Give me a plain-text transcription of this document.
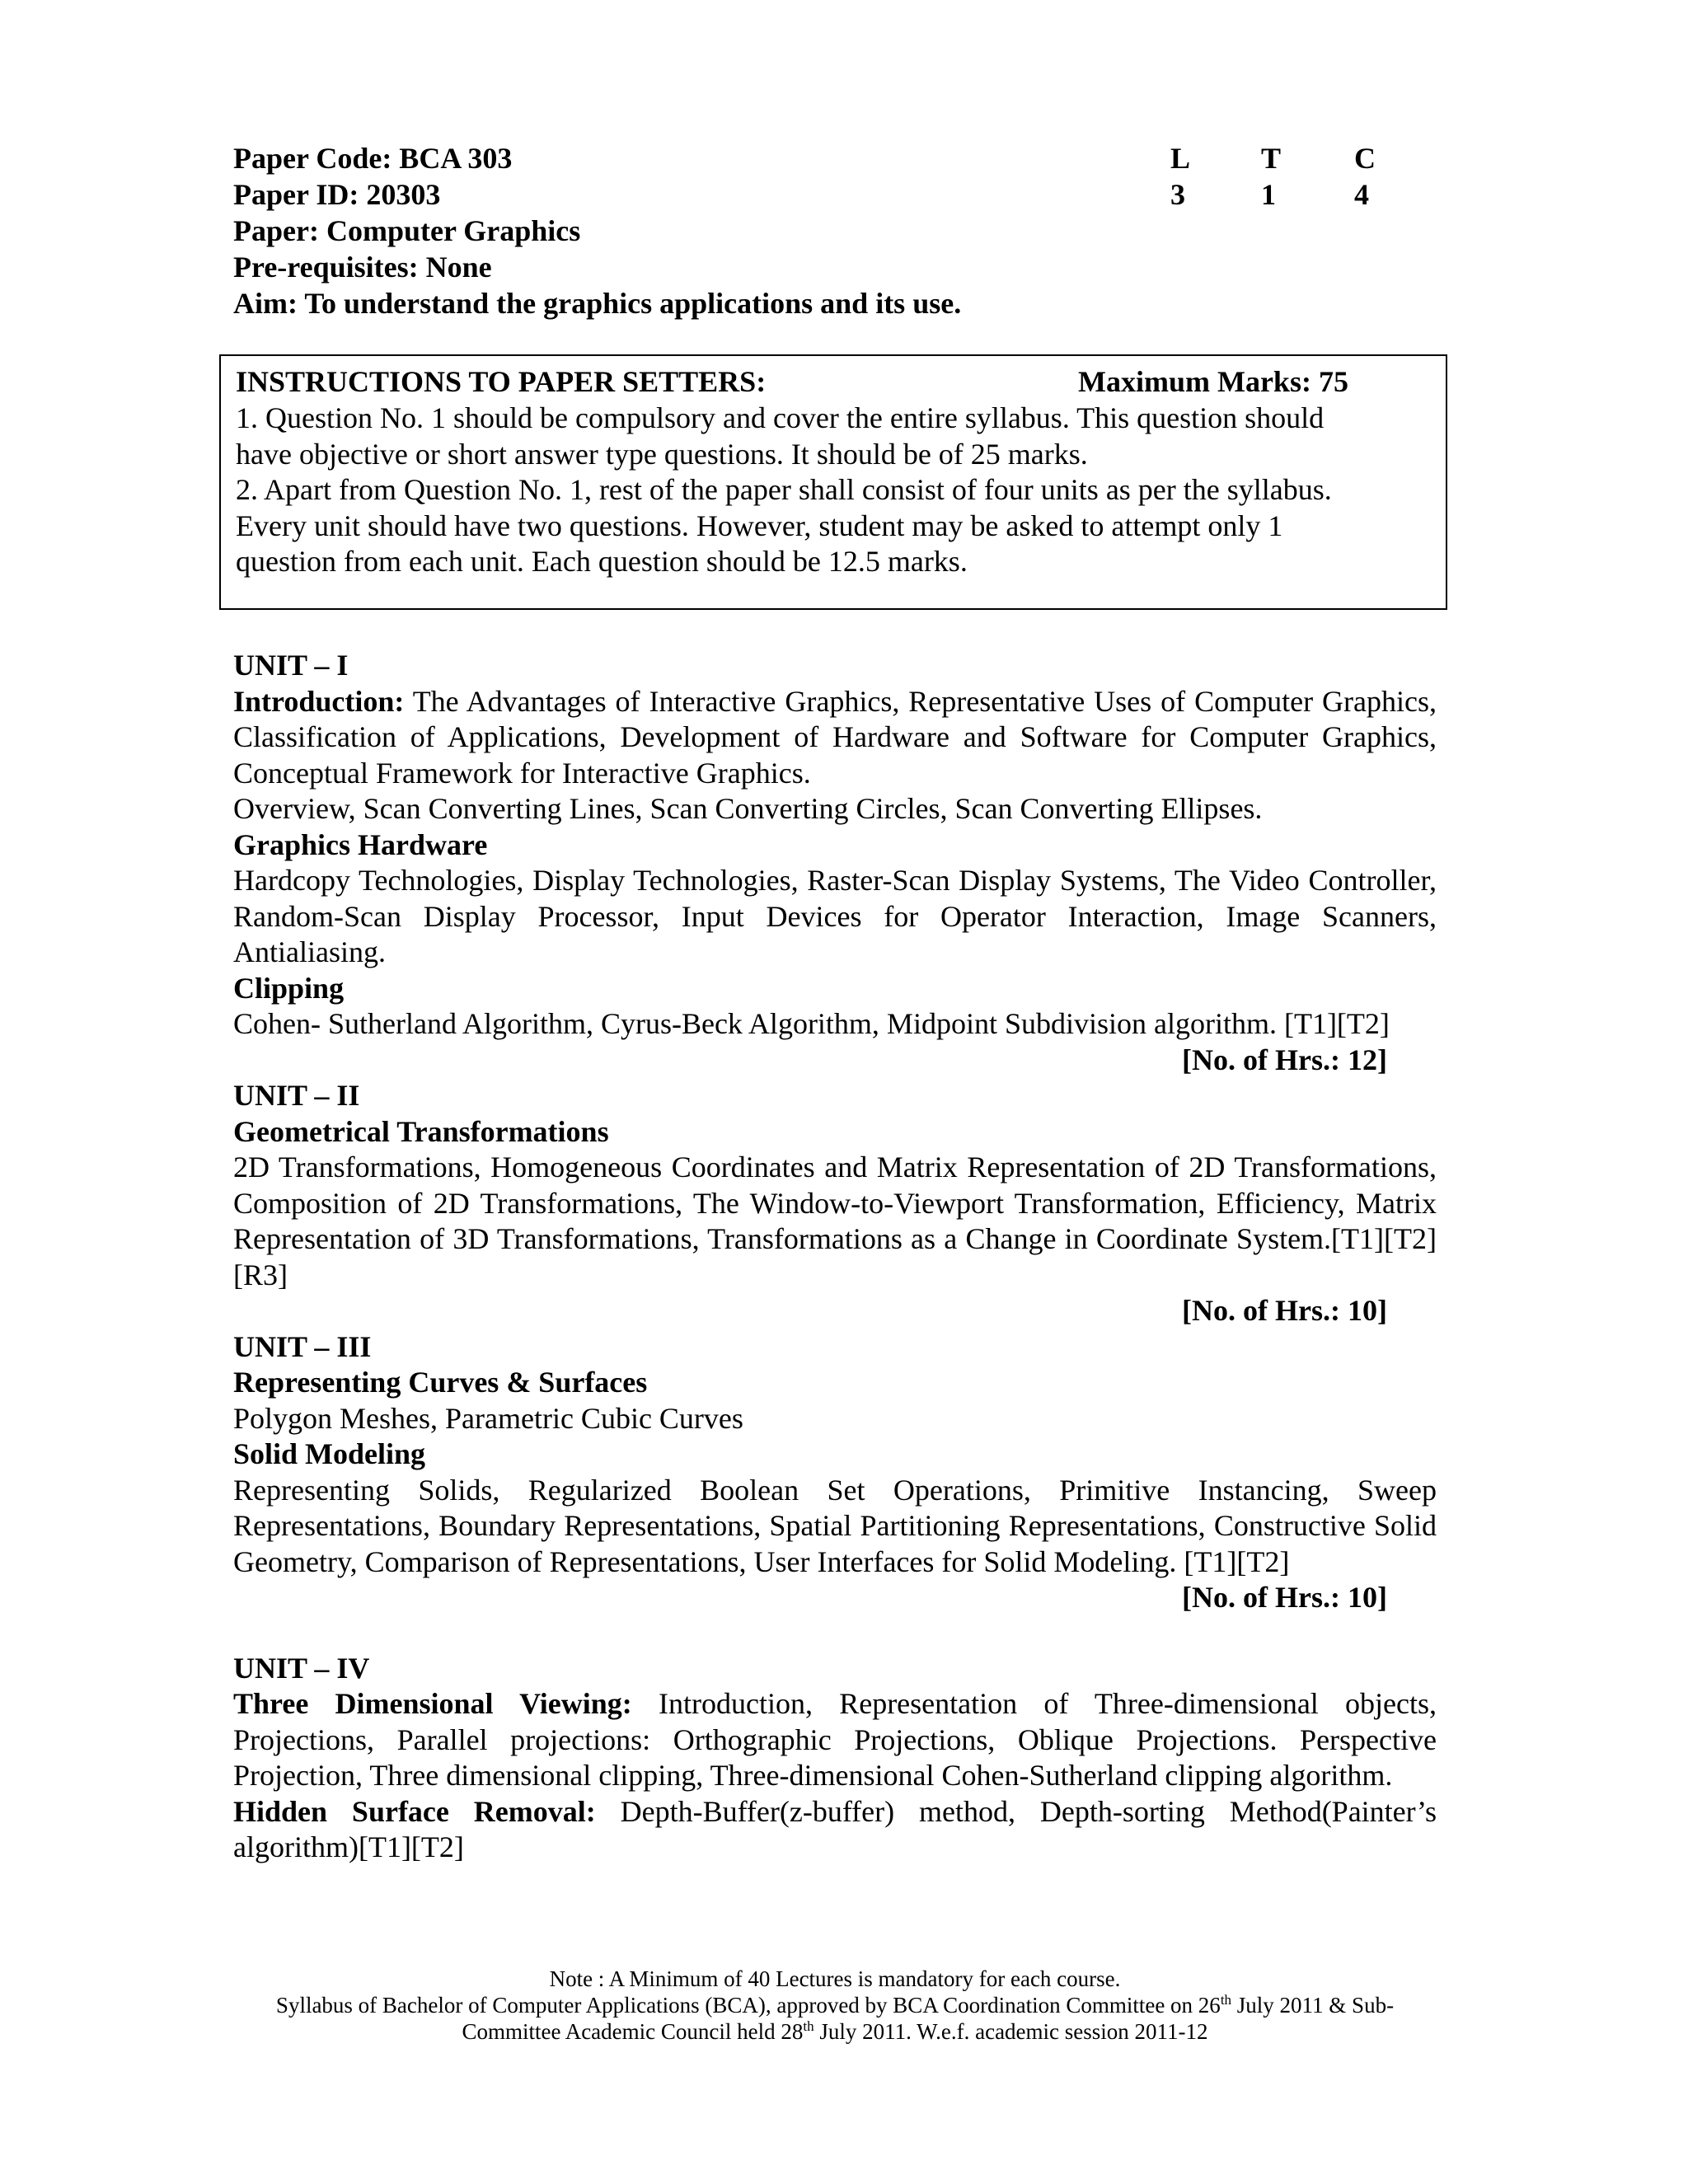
Paper Code: BCA 303	L T C
Paper ID: 20303	3	1	4
Paper: Computer Graphics
Pre-requisites: None
Aim: To understand the graphics applications and its use.
INSTRUCTIONS TO PAPER SETTERS:	Maximum Marks: 75
1. Question No. 1 should be compulsory and cover the entire syllabus. This question should
have objective or short answer type questions. It should be of 25 marks.
2. Apart from Question No. 1, rest of the paper shall consist of four units as per the syllabus.
Every unit should have two questions. However, student may be asked to attempt only 1
question from each unit. Each question should be 12.5 marks.
UNIT – I
Introduction: The Advantages of Interactive Graphics, Representative Uses of Computer Graphics, Classification of Applications, Development of Hardware and Software for Computer Graphics, Conceptual Framework for Interactive Graphics.
Overview, Scan Converting Lines, Scan Converting Circles, Scan Converting Ellipses.
Graphics Hardware
Hardcopy Technologies, Display Technologies, Raster-Scan Display Systems, The Video Controller, Random-Scan Display Processor, Input Devices for Operator Interaction, Image Scanners, Antialiasing.
Clipping
Cohen- Sutherland Algorithm, Cyrus-Beck Algorithm, Midpoint Subdivision algorithm. [T1][T2]
[No. of Hrs.: 12]
UNIT – II
Geometrical Transformations
2D Transformations, Homogeneous Coordinates and Matrix Representation of 2D Transformations, Composition of 2D Transformations, The Window-to-Viewport Transformation, Efficiency, Matrix Representation of 3D Transformations, Transformations as a Change in Coordinate System.[T1][T2][R3]
[No. of Hrs.: 10]
UNIT – III
Representing Curves & Surfaces
Polygon Meshes, Parametric Cubic Curves
Solid Modeling
Representing Solids, Regularized Boolean Set Operations, Primitive Instancing, Sweep Representations, Boundary Representations, Spatial Partitioning Representations, Constructive Solid Geometry, Comparison of Representations, User Interfaces for Solid Modeling. [T1][T2]
[No. of Hrs.: 10]
UNIT – IV
Three Dimensional Viewing: Introduction, Representation of Three-dimensional objects, Projections, Parallel projections: Orthographic Projections, Oblique Projections. Perspective Projection, Three dimensional clipping, Three-dimensional Cohen-Sutherland clipping algorithm.
Hidden Surface Removal: Depth-Buffer(z-buffer) method, Depth-sorting Method(Painter’s algorithm)[T1][T2]
Note : A Minimum of 40 Lectures is mandatory for each course.
Syllabus of Bachelor of Computer Applications (BCA), approved by BCA Coordination Committee on 26th July 2011 & Sub-
Committee Academic Council held 28th July 2011. W.e.f. academic session 2011-12
